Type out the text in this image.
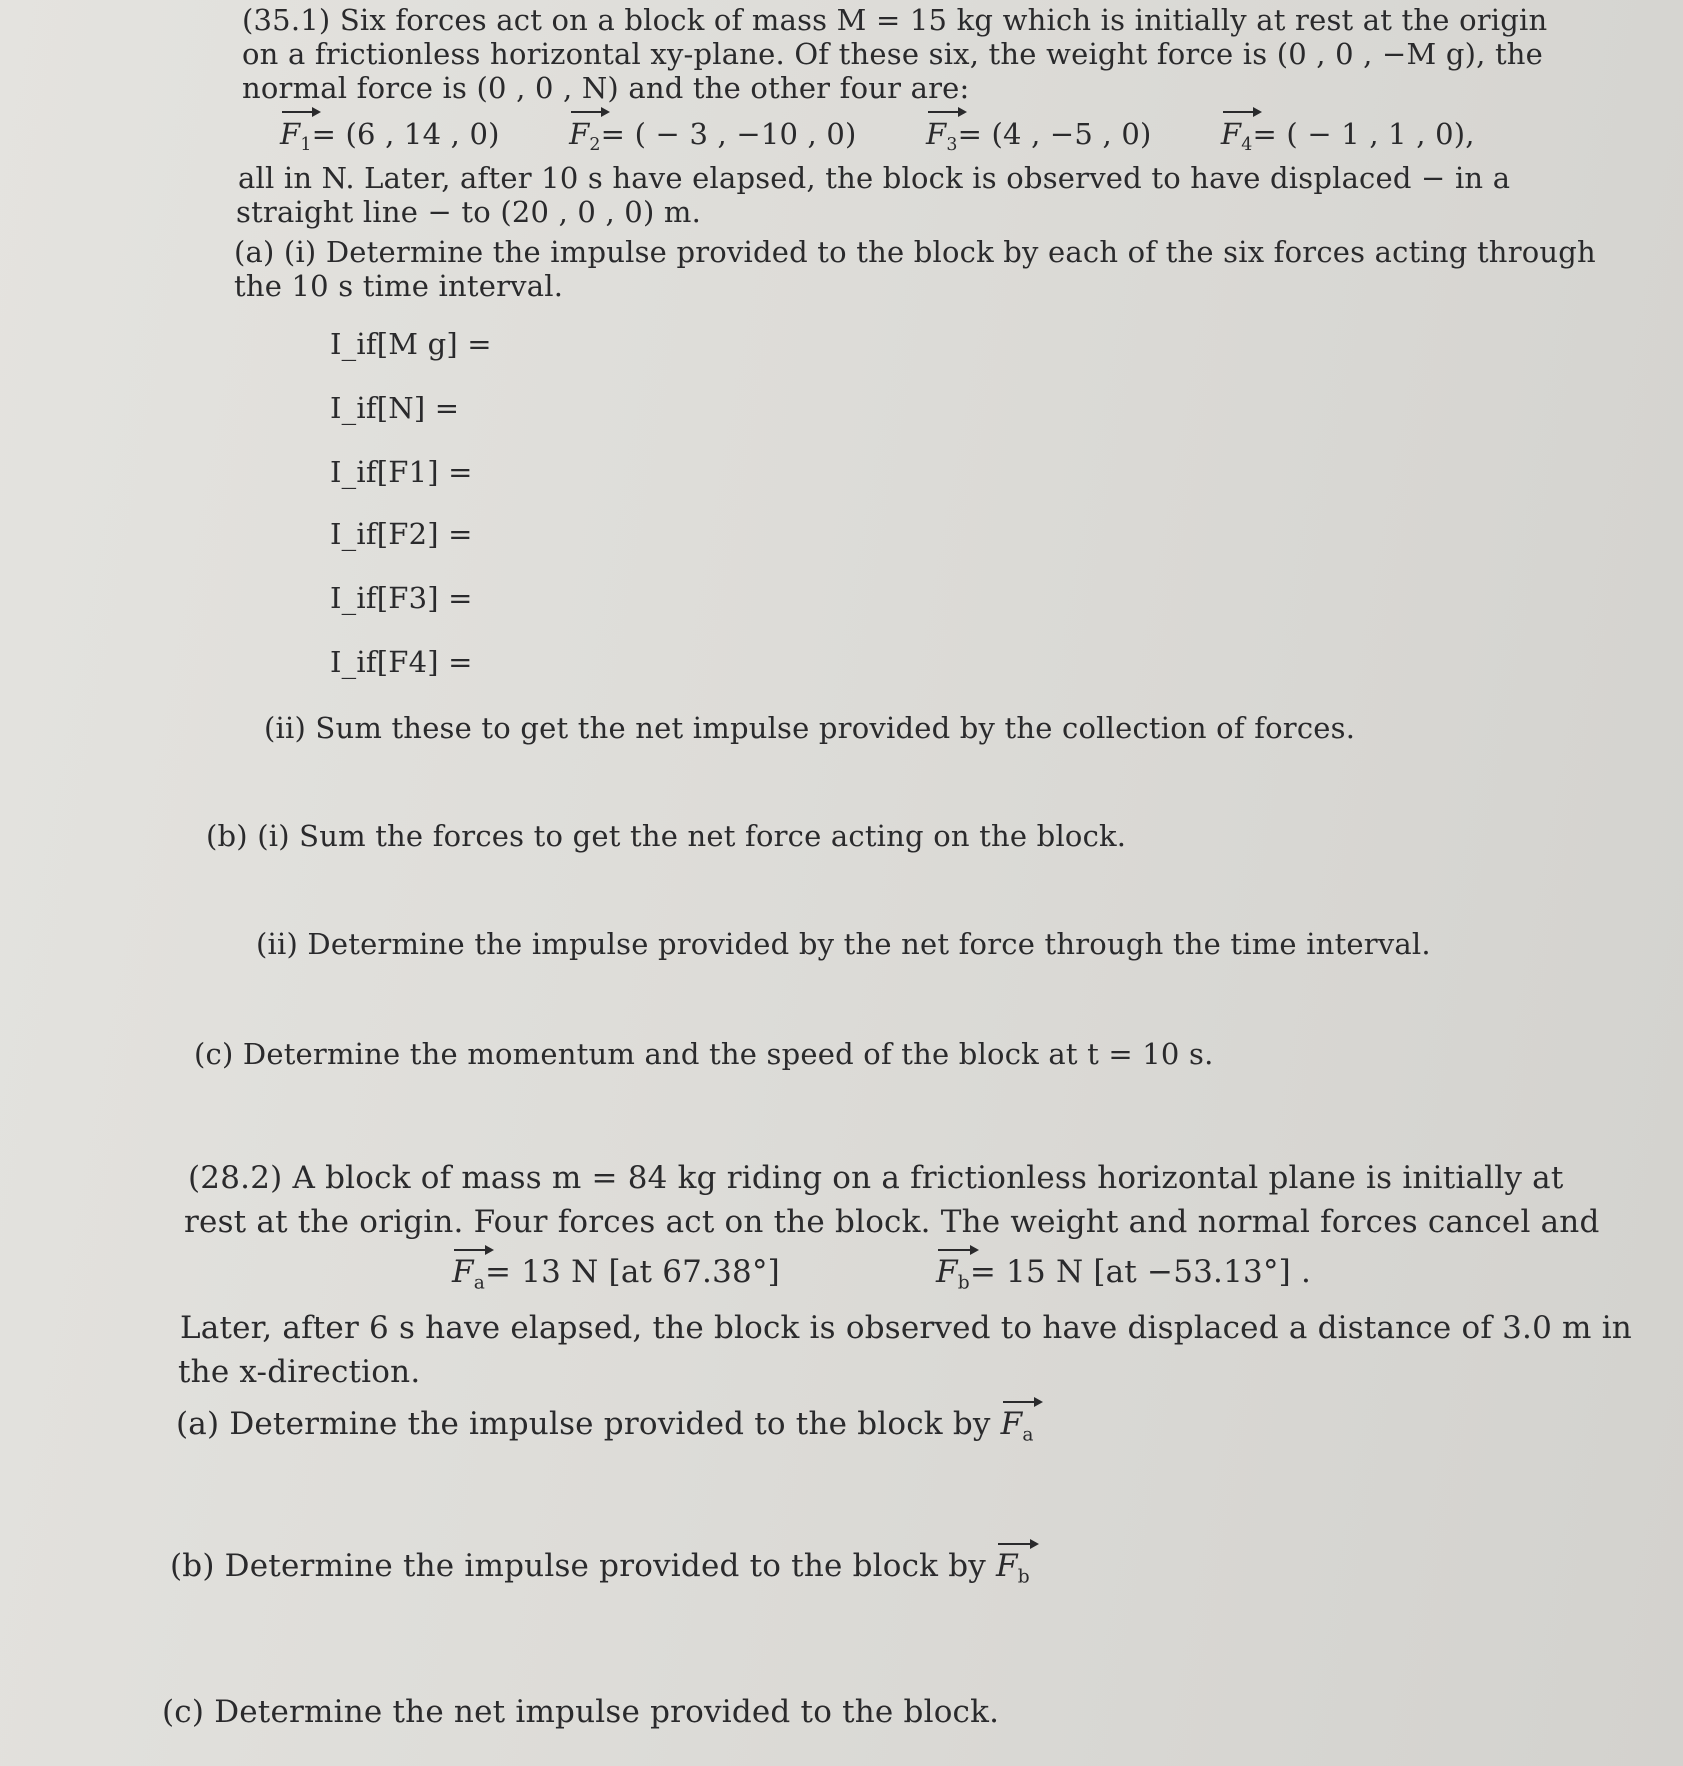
(35.1) Six forces act on a block of mass M = 15 kg which is initially at rest at the origin
on a frictionless horizontal xy-plane. Of these six, the weight force is (0 , 0 , −M g), the
normal force is (0 , 0 , N) and the other four are:
$F_1= (6$ , 14 , 0) $F_2=$ ( − 3 , −10 , 0) $F_3= (4$ , −5 , 0) $F_4=$ ( − 1 , 1 , 0),
all in N. Later, after 10 s have elapsed, the block is observed to have displaced − in a
straight line − to (20 , 0 , 0) m.
(a) (i) Determine the impulse provided to the block by each of the six forces acting through
the 10 s time interval.
I_if[M g] =
I_if[N] =
I_if[F1] =
I_if[F2] =
I_if[F3] =
I_if[F4] =
(ii) Sum these to get the net impulse provided by the collection of forces.
(b) (i) Sum the forces to get the net force acting on the block.
(ii) Determine the impulse provided by the net force through the time interval.
(c) Determine the momentum and the speed of the block at t = 10 s.
(28.2) A block of mass m = 84 kg riding on a frictionless horizontal plane is initially at
rest at the origin. Four forces act on the block. The weight and normal forces cancel and
$F_a= 13$ N [at 67.38°]	$F_b= 15$ N [at −53.13°] .
Later, after 6 s have elapsed, the block is observed to have displaced a distance of 3.0 m in
the x-direction.
(a) Determine the impulse provided to the block by $F_a$
(b) Determine the impulse provided to the block by $F_b$
(c) Determine the net impulse provided to the block.
